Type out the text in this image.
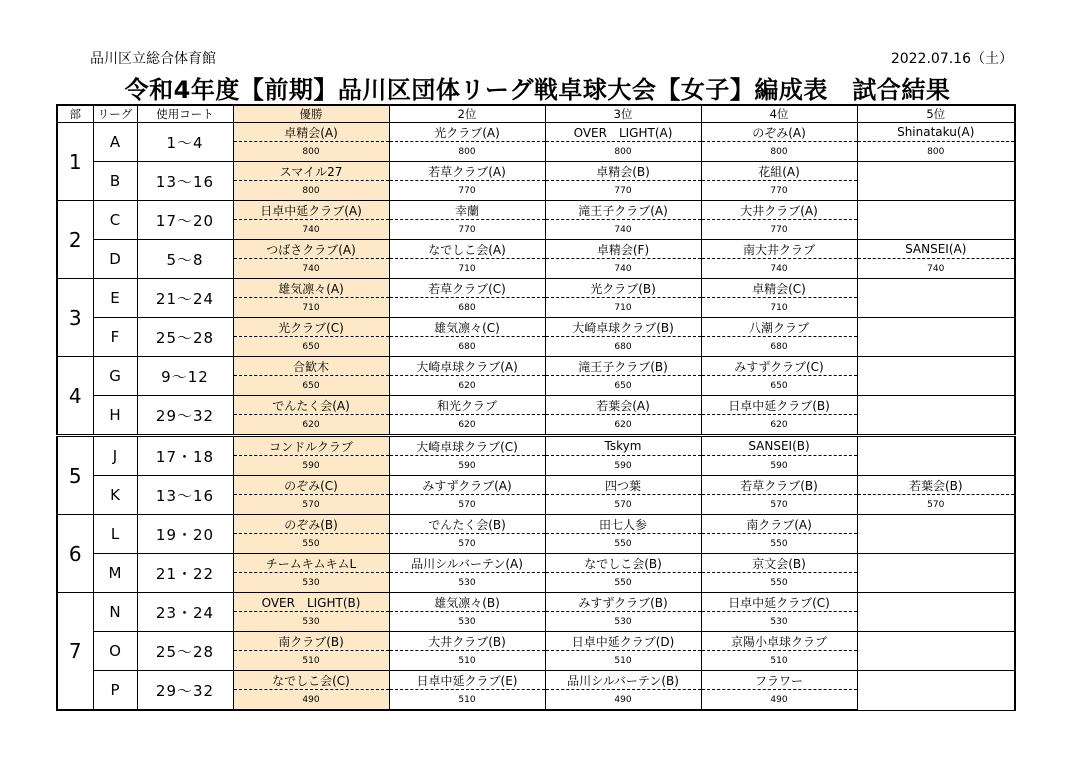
品川区立総合体育館	2022.07.16（土）
令和4年度【前期】品川区団体リーグ戦卓球大会【女子】編成表　試合結果
部	リーグ	使用コート	優勝	2位	3位	4位	5位
1	A	1～4	卓精会(A)	光クラブ(A)	OVER　LIGHT(A)	のぞみ(A)	Shinataku(A)
			800	800	800	800	800
	B	13～16	スマイル27	若草クラブ(A)	卓精会(B)	花組(A)	
			800	770	770	770	
2	C	17～20	日卓中延クラブ(A)	幸蘭	滝王子クラブ(A)	大井クラブ(A)	
			740	770	740	770	
	D	5～8	つばさクラブ(A)	なでしこ会(A)	卓精会(F)	南大井クラブ	SANSEI(A)
			740	710	740	740	740
3	E	21～24	雄気凛々(A)	若草クラブ(C)	光クラブ(B)	卓精会(C)	
			710	680	710	710	
	F	25～28	光クラブ(C)	雄気凛々(C)	大崎卓球クラブ(B)	八潮クラブ	
			650	680	680	680	
4	G	9～12	合歓木	大崎卓球クラブ(A)	滝王子クラブ(B)	みすずクラブ(C)	
			650	620	650	650	
	H	29～32	でんたく会(A)	和光クラブ	若葉会(A)	日卓中延クラブ(B)	
			620	620	620	620	
5	J	17・18	コンドルクラブ	大崎卓球クラブ(C)	Tskym	SANSEI(B)	
			590	590	590	590	
	K	13～16	のぞみ(C)	みすずクラブ(A)	四つ葉	若草クラブ(B)	若葉会(B)
			570	570	570	570	570
6	L	19・20	のぞみ(B)	でんたく会(B)	田七人参	南クラブ(A)	
			550	570	550	550	
	M	21・22	チームキムキムL	品川シルバーテン(A)	なでしこ会(B)	京文会(B)	
			530	530	550	550	
7	N	23・24	OVER　LIGHT(B)	雄気凛々(B)	みすずクラブ(B)	日卓中延クラブ(C)	
			530	530	530	530	
	O	25～28	南クラブ(B)	大井クラブ(B)	日卓中延クラブ(D)	京陽小卓球クラブ	
			510	510	510	510	
	P	29～32	なでしこ会(C)	日卓中延クラブ(E)	品川シルバーテン(B)	フラワー	
			490	510	490	490	
